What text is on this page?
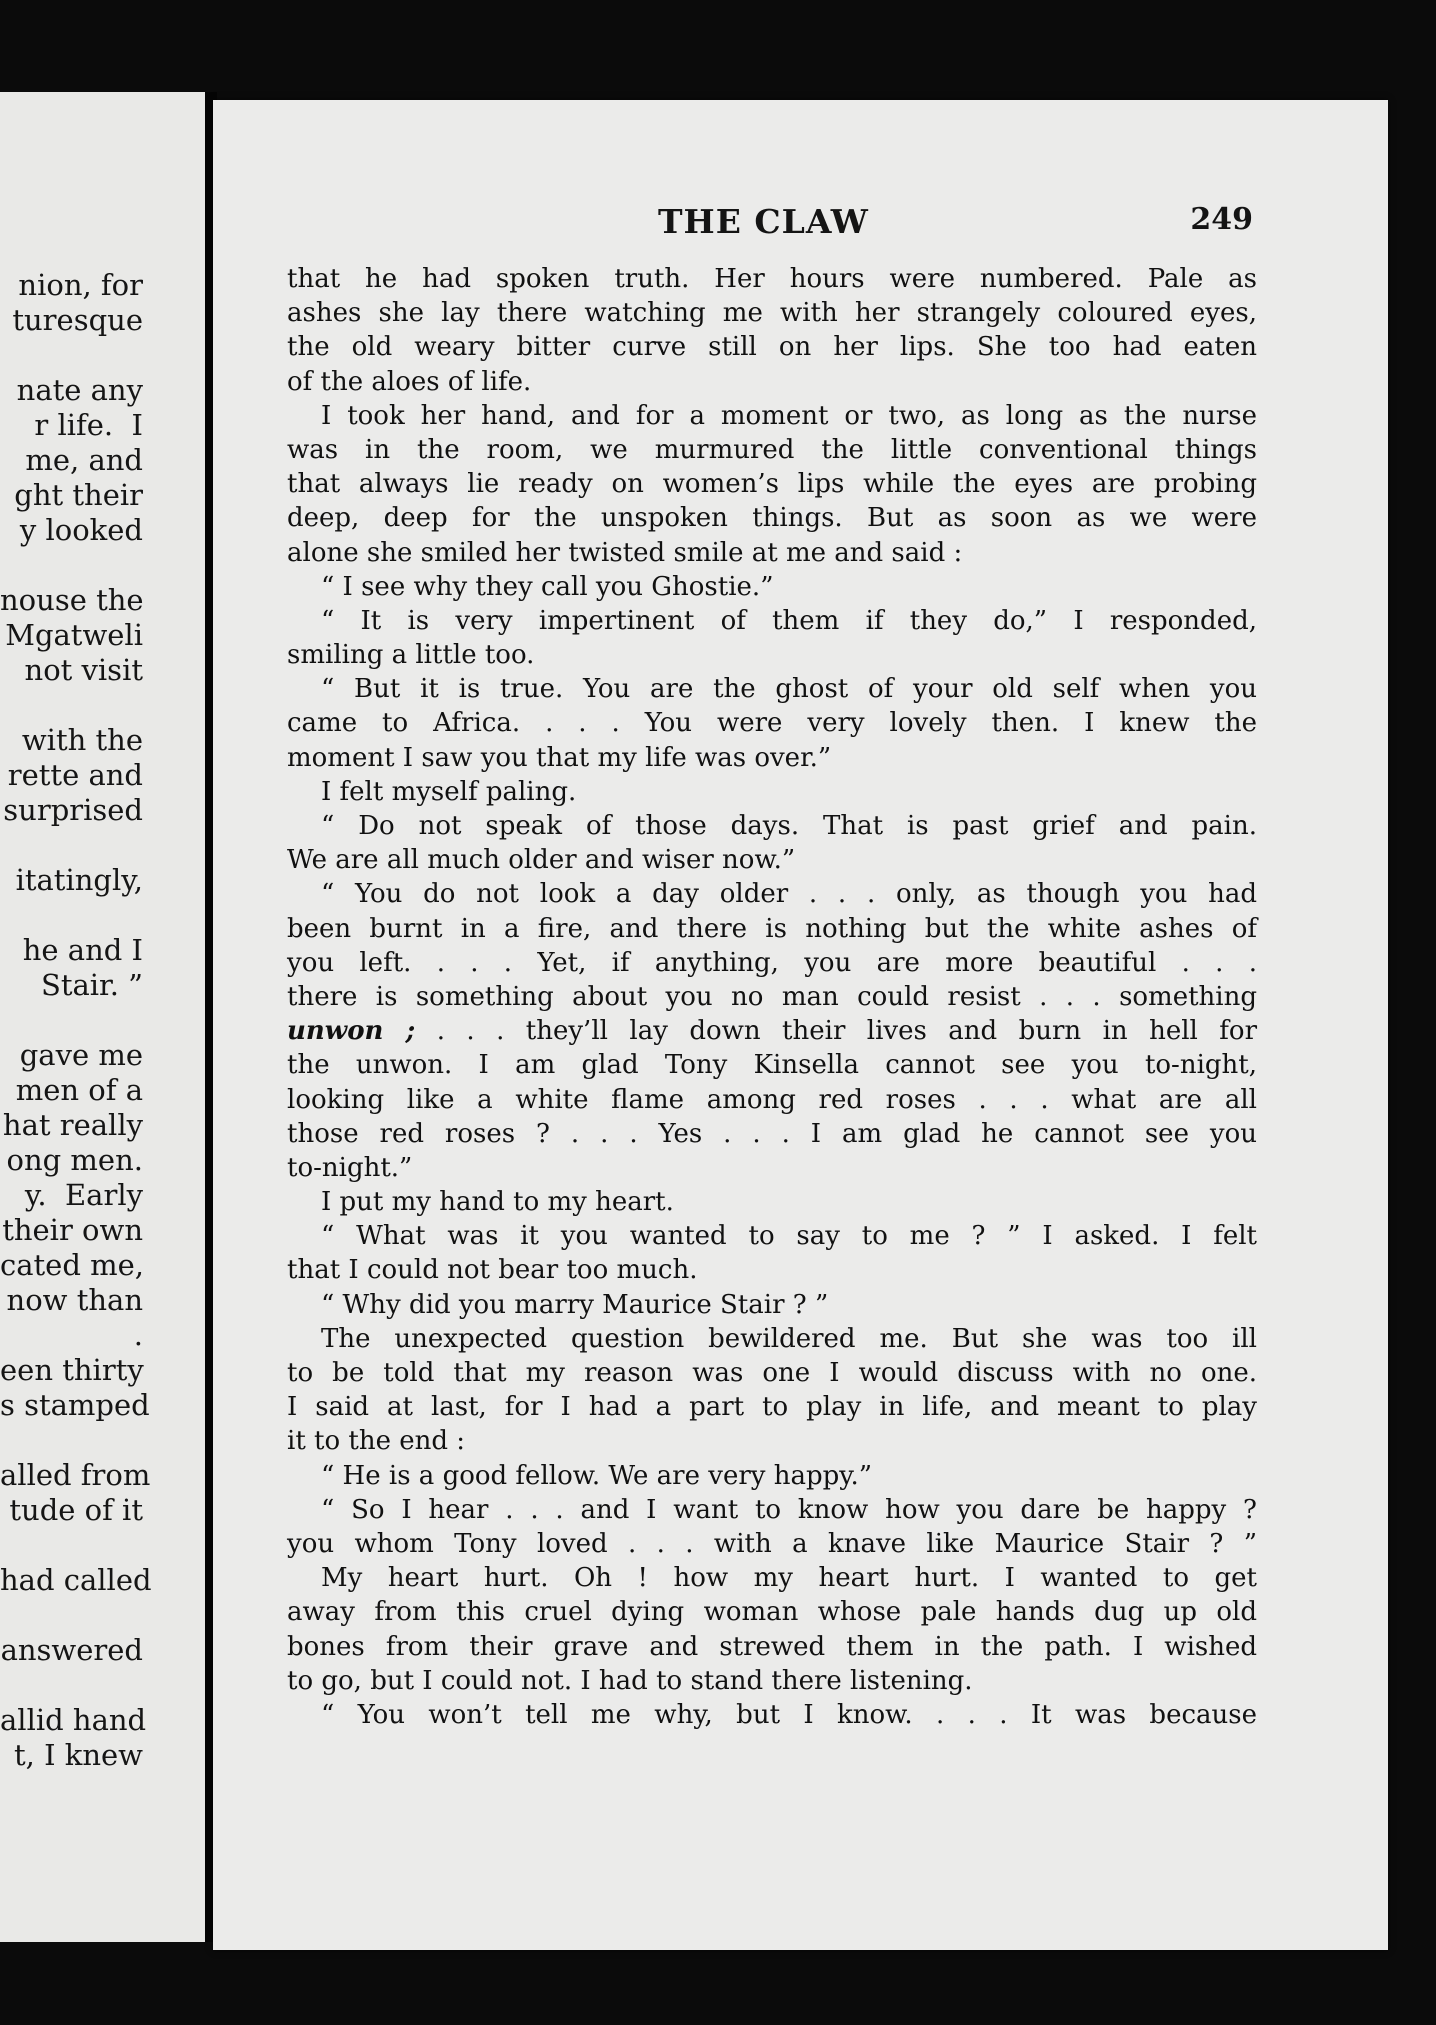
nion, for
turesque
nate any
r life.  I
me, and
ght their
y looked
nouse the
Mgatweli
not visit
with the
rette and
surprised
itatingly,
he and I
Stair. ”
gave me
men of a
hat really
ong men.
y.  Early
their own
cated me,
now than
.
een thirty
s stamped
alled from
tude of it
had called
answered
allid hand
t, I knew
THE CLAW	249
that he had spoken truth. Her hours were numbered. Pale as
ashes she lay there watching me with her strangely coloured eyes,
the old weary bitter curve still on her lips. She too had eaten
of the aloes of life.
I took her hand, and for a moment or two, as long as the nurse
was in the room, we murmured the little conventional things
that always lie ready on women’s lips while the eyes are probing
deep, deep for the unspoken things. But as soon as we were
alone she smiled her twisted smile at me and said :
“ I see why they call you Ghostie.”
“ It is very impertinent of them if they do,” I responded,
smiling a little too.
“ But it is true. You are the ghost of your old self when you
came to Africa. . . . You were very lovely then. I knew the
moment I saw you that my life was over.”
I felt myself paling.
“ Do not speak of those days. That is past grief and pain.
We are all much older and wiser now.”
“ You do not look a day older . . . only, as though you had
been burnt in a fire, and there is nothing but the white ashes of
you left. . . . Yet, if anything, you are more beautiful . . .
there is something about you no man could resist . . . something
unwon ; . . . they’ll lay down their lives and burn in hell for
the unwon. I am glad Tony Kinsella cannot see you to-night,
looking like a white flame among red roses . . . what are all
those red roses ? . . . Yes . . . I am glad he cannot see you
to-night.”
I put my hand to my heart.
“ What was it you wanted to say to me ? ” I asked. I felt
that I could not bear too much.
“ Why did you marry Maurice Stair ? ”
The unexpected question bewildered me. But she was too ill
to be told that my reason was one I would discuss with no one.
I said at last, for I had a part to play in life, and meant to play
it to the end :
“ He is a good fellow. We are very happy.”
“ So I hear . . . and I want to know how you dare be happy ?
you whom Tony loved . . . with a knave like Maurice Stair ? ”
My heart hurt. Oh ! how my heart hurt. I wanted to get
away from this cruel dying woman whose pale hands dug up old
bones from their grave and strewed them in the path. I wished
to go, but I could not. I had to stand there listening.
“ You won’t tell me why, but I know. . . . It was because
